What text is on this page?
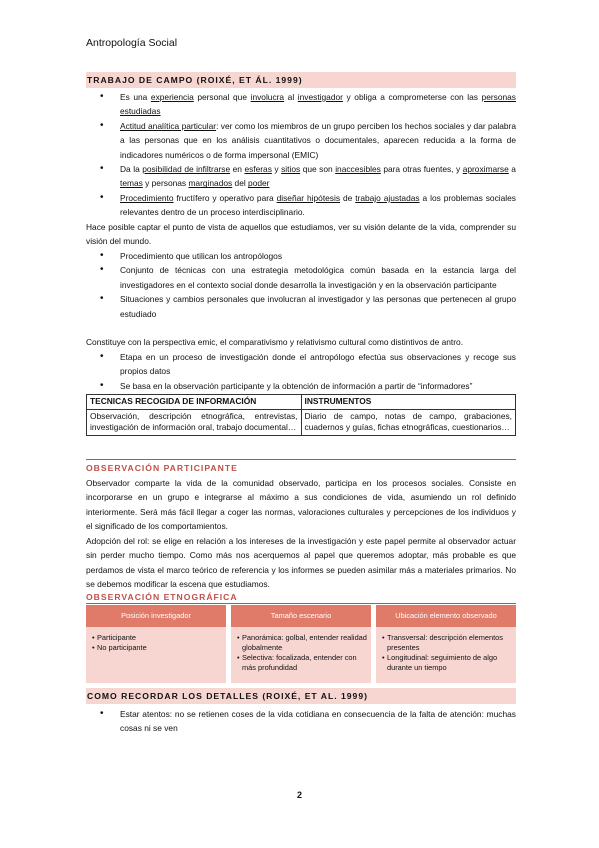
Antropología Social
TRABAJO DE CAMPO (ROIXÉ, ET ÁL. 1999)
• Es una experiencia personal que involucra al investigador y obliga a comprometerse con las personas estudiadas
• Actitud analítica particular: ver como los miembros de un grupo perciben los hechos sociales y dar palabra a las personas que en los análisis cuantitativos o documentales, aparecen reducida a la forma de indicadores numéricos o de forma impersonal (EMIC)
• Da la posibilidad de infiltrarse en esferas y sitios que son inaccesibles para otras fuentes, y aproximarse a temas y personas marginados del poder
• Procedimiento fructífero y operativo para diseñar hipótesis de trabajo ajustadas a los problemas sociales relevantes dentro de un proceso interdisciplinario.
Hace posible captar el punto de vista de aquellos que estudiamos, ver su visión delante de la vida, comprender su visión del mundo.
• Procedimiento que utilican los antropólogos
• Conjunto de técnicas con una estrategia metodológica común basada en la estancia larga del investigadores en el contexto social donde desarrolla la investigación y en la observación participante
• Situaciones y cambios personales que involucran al investigador y las personas que pertenecen al grupo estudiado
Constituye con la perspectiva emic, el comparativismo y relativismo cultural como distintivos de antro.
• Etapa en un proceso de investigación donde el antropólogo efectúa sus observaciones y recoge sus propios datos
• Se basa en la observación participante y la obtención de información a partir de “informadores”
TECNICAS RECOGIDA DE INFORMACIÓN	INSTRUMENTOS
Observación, descripción etnográfica, entrevistas, investigación de información oral, trabajo documental…	Diario de campo, notas de campo, grabaciones, cuadernos y guías, fichas etnográficas, cuestionarios…
OBSERVACIÓN PARTICIPANTE
Observador comparte la vida de la comunidad observado, participa en los procesos sociales. Consiste en incorporarse en un grupo e integrarse al máximo a sus condiciones de vida, asumiendo un rol definido interiormente. Será más fácil llegar a coger las normas, valoraciones culturales y percepciones de los individuos y el significado de los comportamientos.
Adopción del rol: se elige en relación a los intereses de la investigación y este papel permite al observador actuar sin perder mucho tiempo. Como más nos acerquemos al papel que queremos adoptar, más probable es que perdamos de vista el marco teórico de referencia y los informes se pueden asimilar más a materiales primarios. No se debemos modificar la escena que estudiamos.
OBSERVACIÓN ETNOGRÁFICA
Posición investigador
• Participante
• No participante
Tamaño escenario
• Panorámica: golbal, entender realidad globalmente
• Selectiva: focalizada, entender con más profundidad
Ubicación elemento observado
• Transversal: descripción elementos presentes
• Longitudinal: seguimiento de algo durante un tiempo
COMO RECORDAR LOS DETALLES (ROIXÉ, ET AL. 1999)
• Estar atentos: no se retienen coses de la vida cotidiana en consecuencia de la falta de atención: muchas cosas ni se ven
2
